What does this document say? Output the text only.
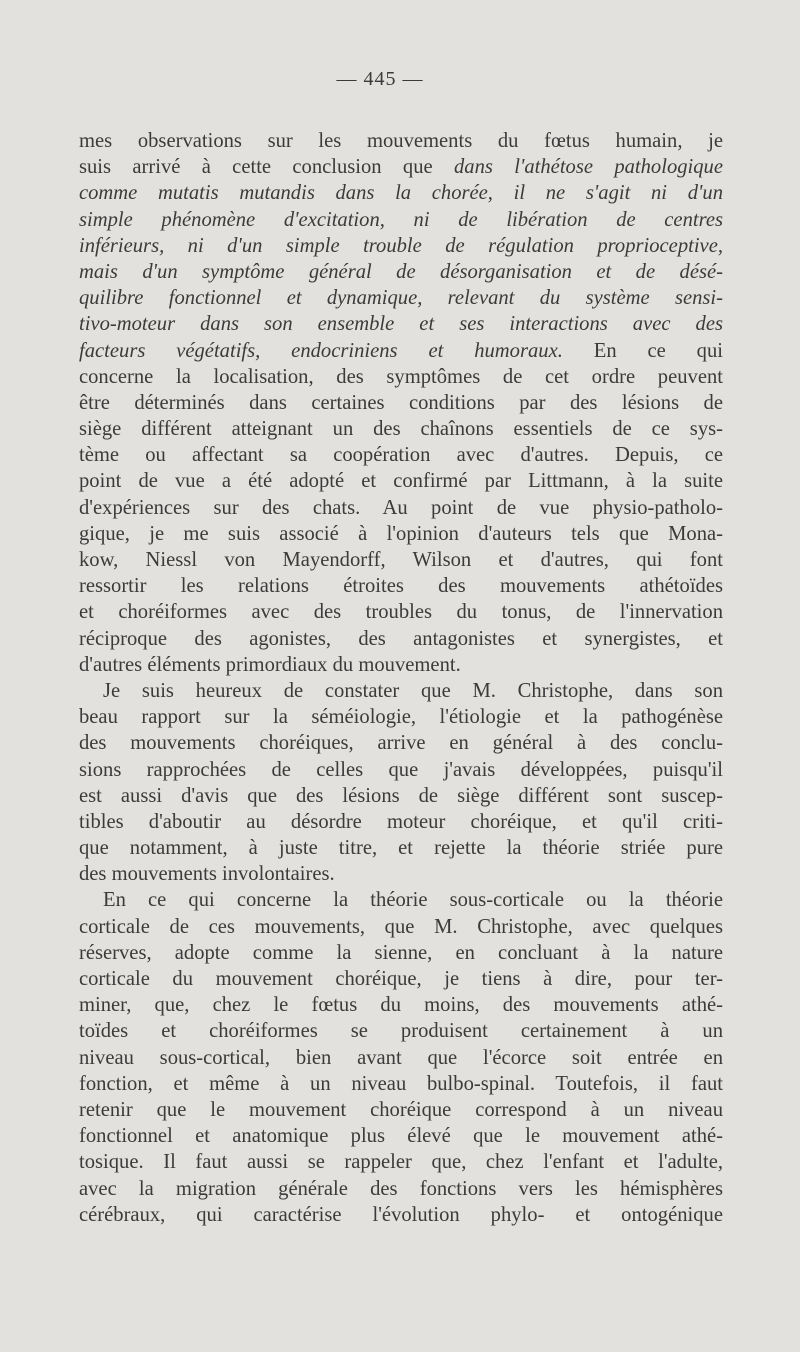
— 445 —
mes observations sur les mouvements du fœtus humain, je
suis arrivé à cette conclusion que dans l'athétose pathologique
comme mutatis mutandis dans la chorée, il ne s'agit ni d'un
simple phénomène d'excitation, ni de libération de centres
inférieurs, ni d'un simple trouble de régulation proprioceptive,
mais d'un symptôme général de désorganisation et de désé-
quilibre fonctionnel et dynamique, relevant du système sensi-
tivo-moteur dans son ensemble et ses interactions avec des
facteurs végétatifs, endocriniens et humoraux. En ce qui
concerne la localisation, des symptômes de cet ordre peuvent
être déterminés dans certaines conditions par des lésions de
siège différent atteignant un des chaînons essentiels de ce sys-
tème ou affectant sa coopération avec d'autres. Depuis, ce
point de vue a été adopté et confirmé par Littmann, à la suite
d'expériences sur des chats. Au point de vue physio-patholo-
gique, je me suis associé à l'opinion d'auteurs tels que Mona-
kow, Niessl von Mayendorff, Wilson et d'autres, qui font
ressortir les relations étroites des mouvements athétoïdes
et choréiformes avec des troubles du tonus, de l'innervation
réciproque des agonistes, des antagonistes et synergistes, et
d'autres éléments primordiaux du mouvement.
Je suis heureux de constater que M. Christophe, dans son
beau rapport sur la séméiologie, l'étiologie et la pathogénèse
des mouvements choréiques, arrive en général à des conclu-
sions rapprochées de celles que j'avais développées, puisqu'il
est aussi d'avis que des lésions de siège différent sont suscep-
tibles d'aboutir au désordre moteur choréique, et qu'il criti-
que notamment, à juste titre, et rejette la théorie striée pure
des mouvements involontaires.
En ce qui concerne la théorie sous-corticale ou la théorie
corticale de ces mouvements, que M. Christophe, avec quelques
réserves, adopte comme la sienne, en concluant à la nature
corticale du mouvement choréique, je tiens à dire, pour ter-
miner, que, chez le fœtus du moins, des mouvements athé-
toïdes et choréiformes se produisent certainement à un
niveau sous-cortical, bien avant que l'écorce soit entrée en
fonction, et même à un niveau bulbo-spinal. Toutefois, il faut
retenir que le mouvement choréique correspond à un niveau
fonctionnel et anatomique plus élevé que le mouvement athé-
tosique. Il faut aussi se rappeler que, chez l'enfant et l'adulte,
avec la migration générale des fonctions vers les hémisphères
cérébraux, qui caractérise l'évolution phylo- et ontogénique
